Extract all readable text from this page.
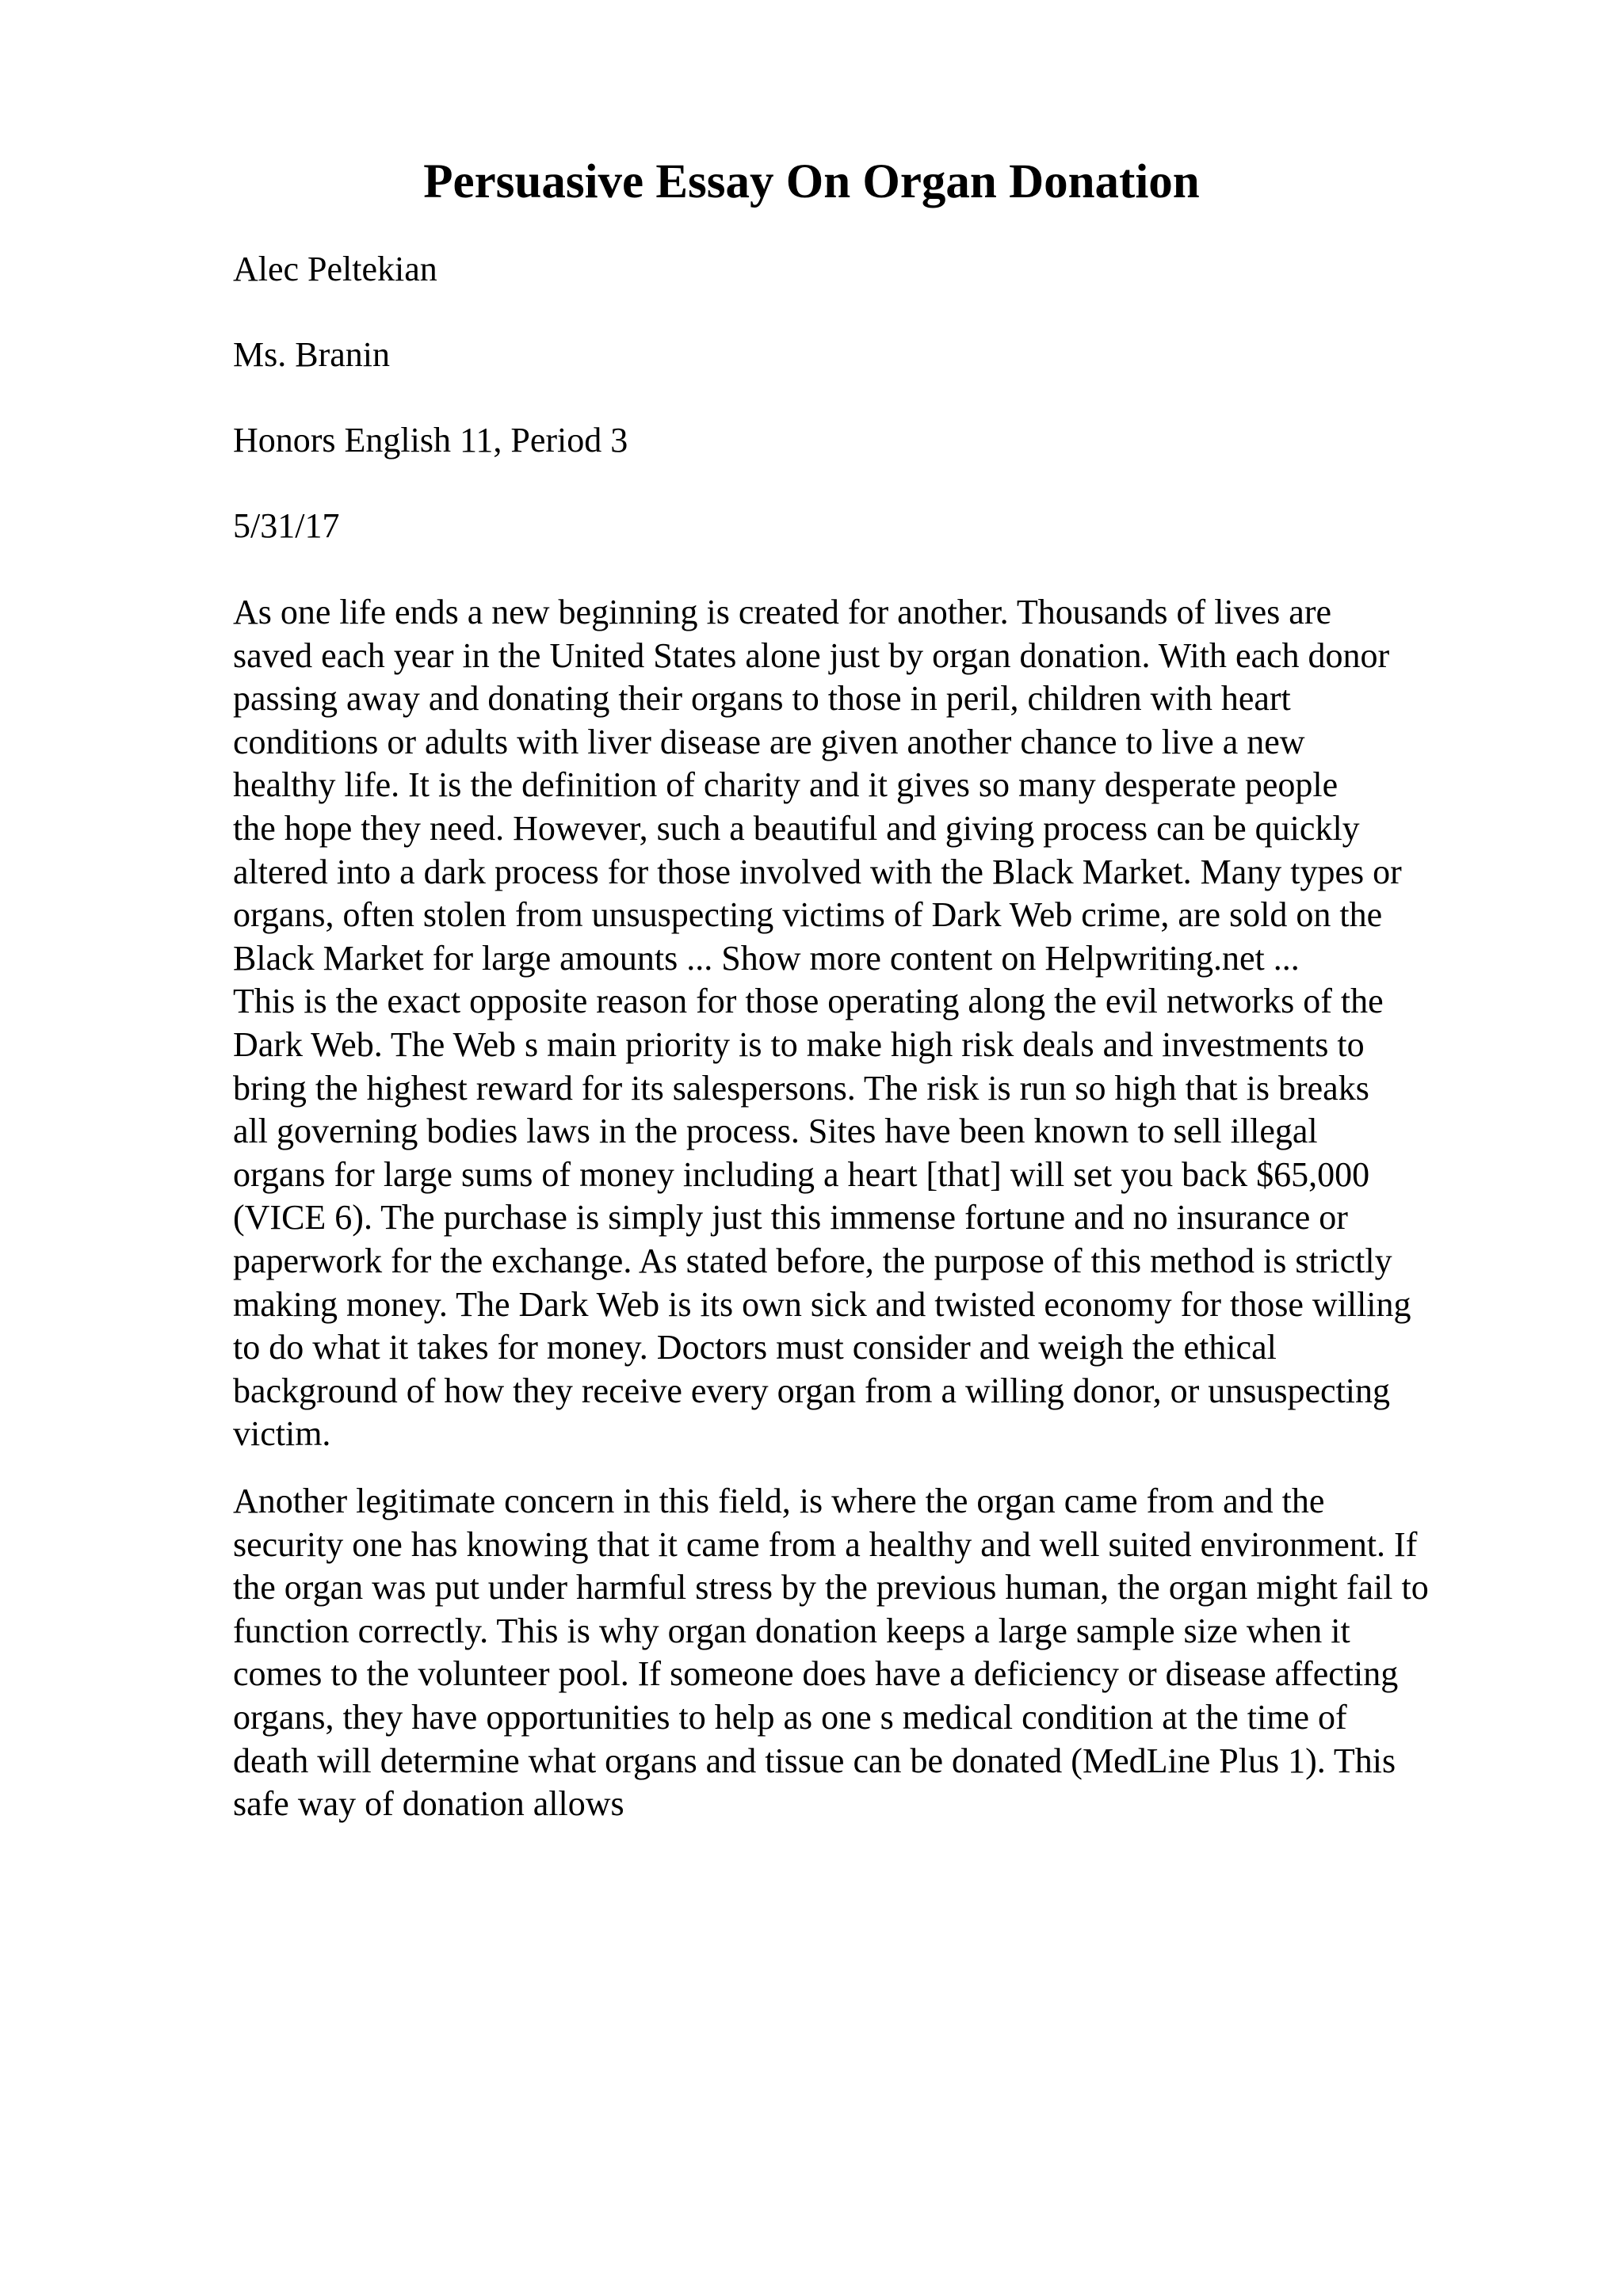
Persuasive Essay On Organ Donation

Alec Peltekian

Ms. Branin

Honors English 11, Period 3

5/31/17

As one life ends a new beginning is created for another. Thousands of lives are
saved each year in the United States alone just by organ donation. With each donor
passing away and donating their organs to those in peril, children with heart
conditions or adults with liver disease are given another chance to live a new
healthy life. It is the definition of charity and it gives so many desperate people
the hope they need. However, such a beautiful and giving process can be quickly
altered into a dark process for those involved with the Black Market. Many types or
organs, often stolen from unsuspecting victims of Dark Web crime, are sold on the
Black Market for large amounts ... Show more content on Helpwriting.net ...
This is the exact opposite reason for those operating along the evil networks of the
Dark Web. The Web s main priority is to make high risk deals and investments to
bring the highest reward for its salespersons. The risk is run so high that is breaks
all governing bodies laws in the process. Sites have been known to sell illegal
organs for large sums of money including a heart [that] will set you back $65,000
(VICE 6). The purchase is simply just this immense fortune and no insurance or
paperwork for the exchange. As stated before, the purpose of this method is strictly
making money. The Dark Web is its own sick and twisted economy for those willing
to do what it takes for money. Doctors must consider and weigh the ethical
background of how they receive every organ from a willing donor, or unsuspecting
victim.
Another legitimate concern in this field, is where the organ came from and the
security one has knowing that it came from a healthy and well suited environment. If
the organ was put under harmful stress by the previous human, the organ might fail to
function correctly. This is why organ donation keeps a large sample size when it
comes to the volunteer pool. If someone does have a deficiency or disease affecting
organs, they have opportunities to help as one s medical condition at the time of
death will determine what organs and tissue can be donated (MedLine Plus 1). This
safe way of donation allows
